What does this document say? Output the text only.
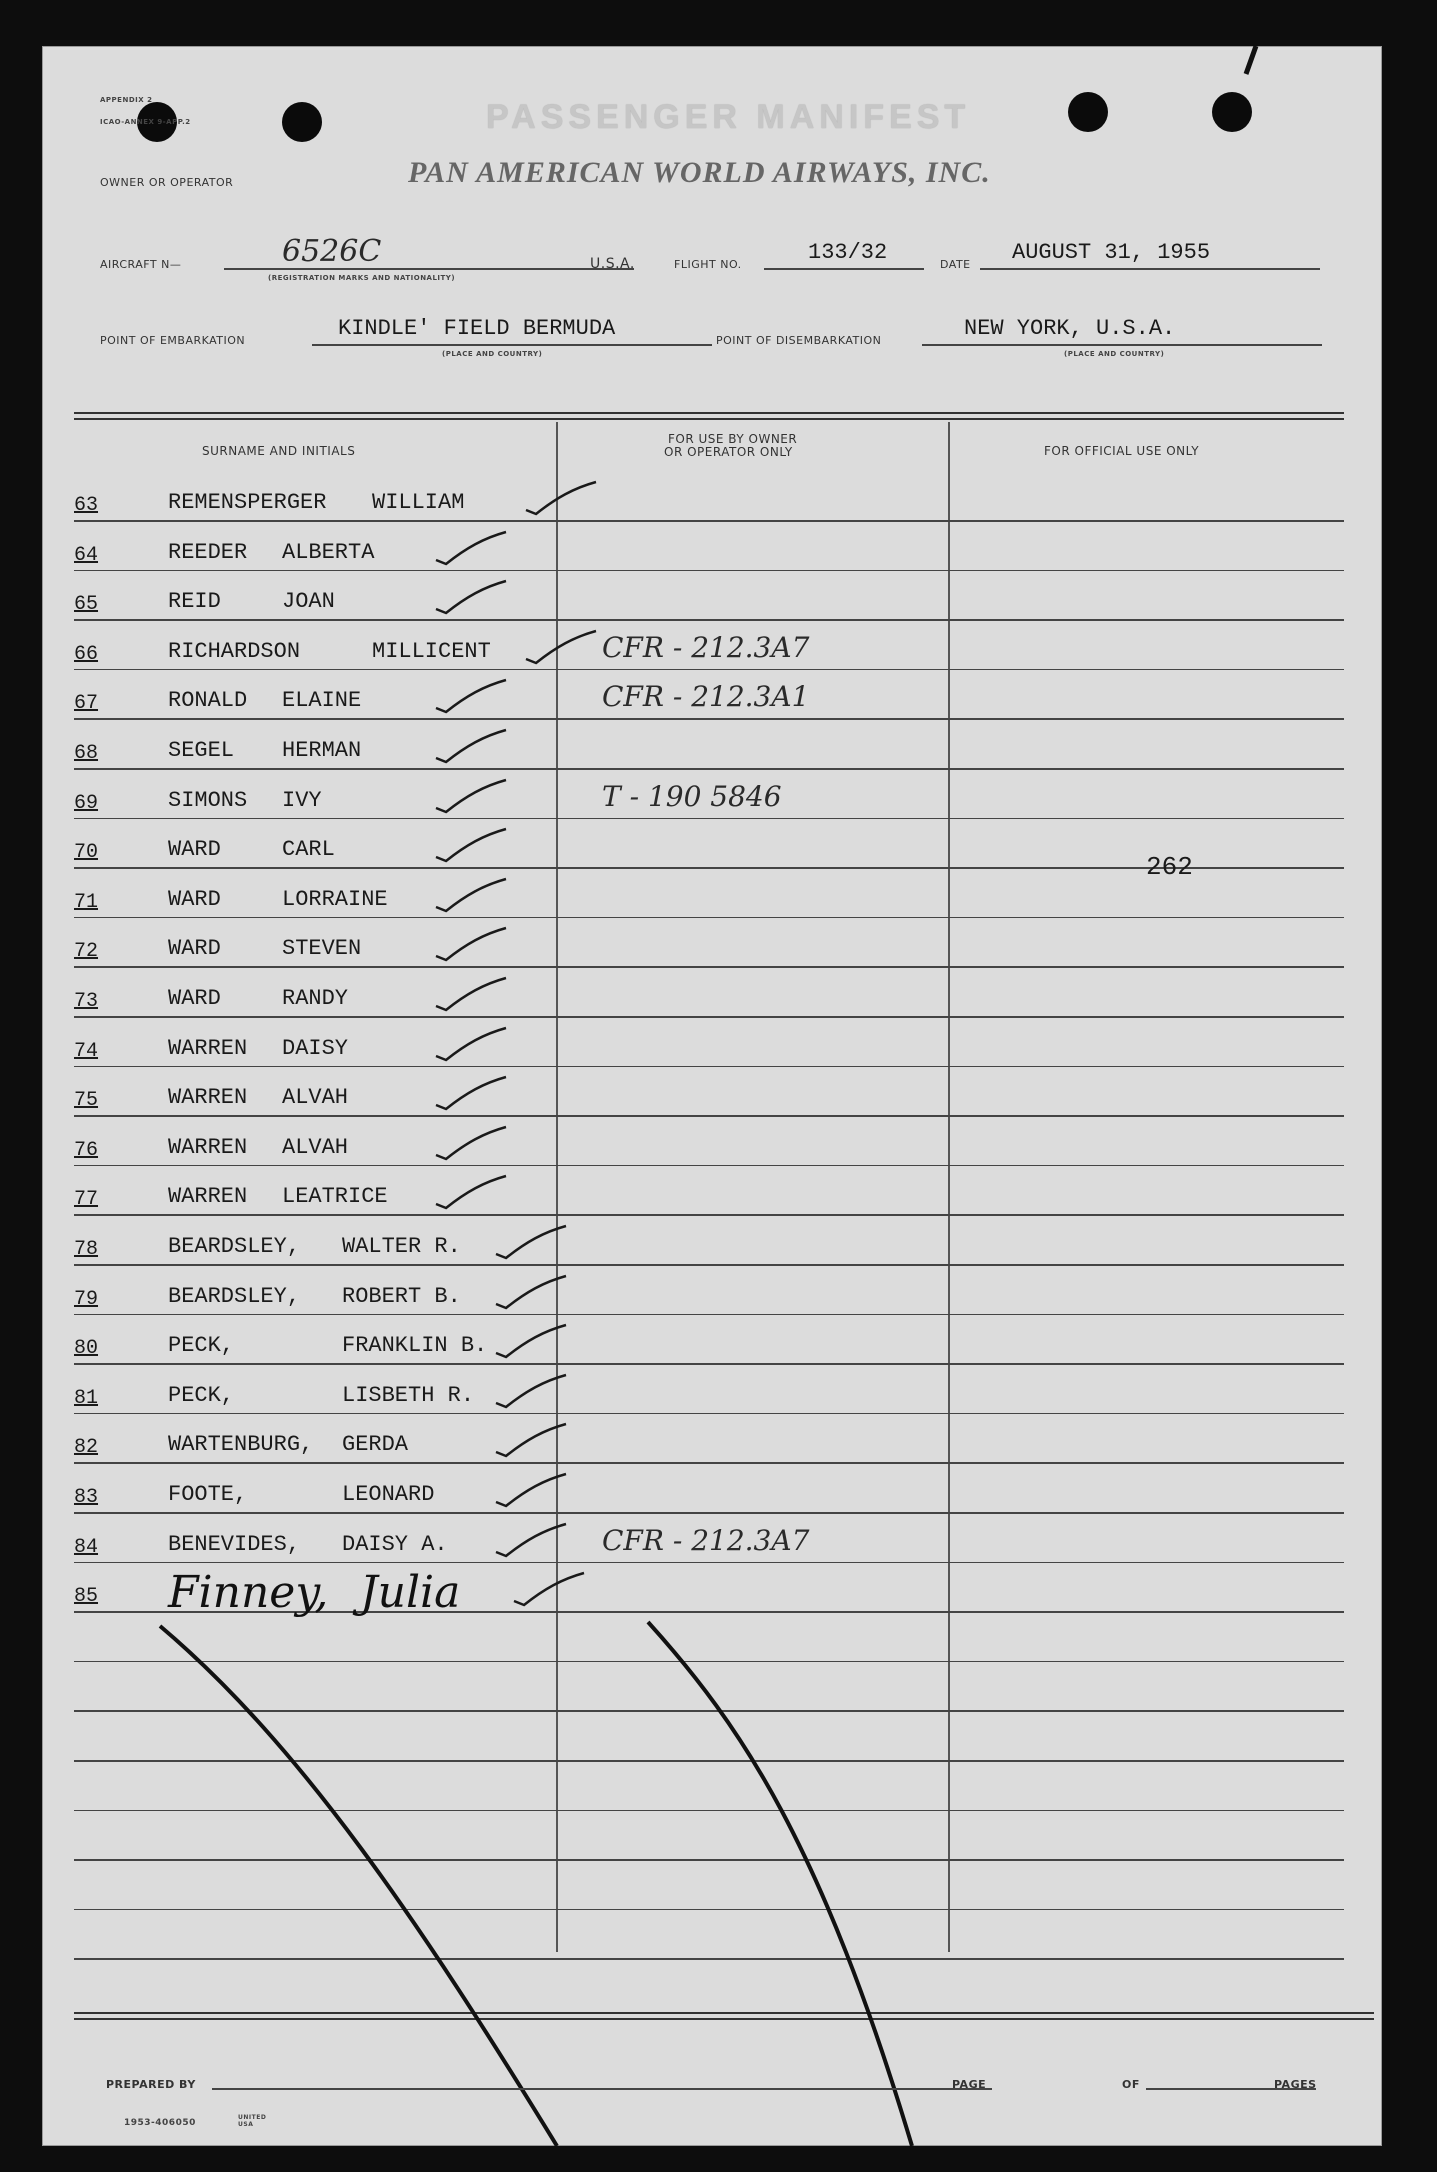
APPENDIX 2
ICAO-ANNEX 9-APP.2	PASSENGER MANIFEST
OWNER OR OPERATOR	PAN AMERICAN WORLD AIRWAYS, INC.
AIRCRAFT N—	6526C
(REGISTRATION MARKS AND NATIONALITY)
U.S.A.	FLIGHT NO.	133/32	DATE AUGUST 31, 1955
POINT OF EMBARKATION	KINDLE' FIELD BERMUDA
(PLACE AND COUNTRY)
POINT OF DISEMBARKATION	NEW YORK, U.S.A.
(PLACE AND COUNTRY)
SURNAME AND INITIALS
FOR USE BY OWNER
OR OPERATOR ONLY	FOR OFFICIAL USE ONLY
63	REMENSPERGER WILLIAM
64	REEDER ALBERTA
65	REID	JOAN
66	RICHARDSON	MILLICENT	CFR - 212.3A7
67	RONALD ELAINE	CFR - 212.3A1
68	SEGEL HERMAN
69	SIMONS IVY	T - 190 5846
70	WARD	CARL
71	WARD	LORRAINE
72	WARD	STEVEN
73	WARD	RANDY
74	WARREN DAISY
75	WARREN ALVAH
76	WARREN ALVAH
77	WARREN LEATRICE
78	BEARDSLEY, WALTER R.
79	BEARDSLEY, ROBERT B.
80	PECK,	FRANKLIN B.
81	PECK,	LISBETH R.
82	WARTENBURG, GERDA
83	FOOTE,	LEONARD
84	BENEVIDES, DAISY A.	CFR - 212.3A7
85 Finney, Julia
262
PREPARED BY	PAGE	OF	PAGES
1953-406050
UNITED USA
